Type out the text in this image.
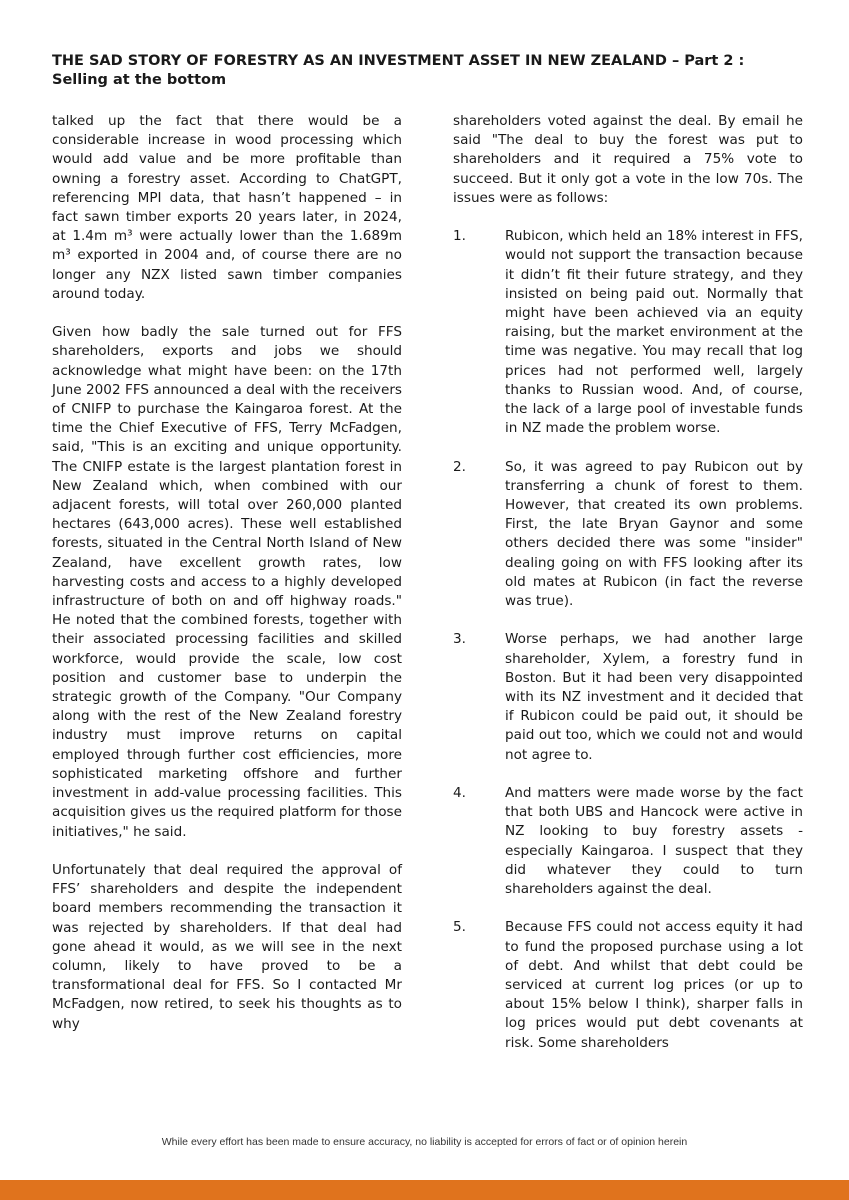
THE SAD STORY OF FORESTRY AS AN INVESTMENT ASSET IN NEW ZEALAND – Part 2 : Selling at the bottom

talked up the fact that there would be a considerable increase in wood processing which would add value and be more profitable than owning a forestry asset. According to ChatGPT, referencing MPI data, that hasn’t happened – in fact sawn timber exports 20 years later, in 2024, at 1.4m m³ were actually lower than the 1.689m m³ exported in 2004 and, of course there are no longer any NZX listed sawn timber companies around today.

Given how badly the sale turned out for FFS shareholders, exports and jobs we should acknowledge what might have been: on the 17th June 2002 FFS announced a deal with the receivers of CNIFP to purchase the Kaingaroa forest. At the time the Chief Executive of FFS, Terry McFadgen, said, "This is an exciting and unique opportunity. The CNIFP estate is the largest plantation forest in New Zealand which, when combined with our adjacent forests, will total over 260,000 planted hectares (643,000 acres). These well established forests, situated in the Central North Island of New Zealand, have excellent growth rates, low harvesting costs and access to a highly developed infrastructure of both on and off highway roads." He noted that the combined forests, together with their associated processing facilities and skilled workforce, would provide the scale, low cost position and customer base to underpin the strategic growth of the Company. "Our Company along with the rest of the New Zealand forestry industry must improve returns on capital employed through further cost efficiencies, more sophisticated marketing offshore and further investment in add-value processing facilities. This acquisition gives us the required platform for those initiatives," he said.

Unfortunately that deal required the approval of FFS’ shareholders and despite the independent board members recommending the transaction it was rejected by shareholders. If that deal had gone ahead it would, as we will see in the next column, likely to have proved to be a transformational deal for FFS. So I contacted Mr McFadgen, now retired, to seek his thoughts as to why

shareholders voted against the deal. By email he said "The deal to buy the forest was put to shareholders and it required a 75% vote to succeed. But it only got a vote in the low 70s. The issues were as follows:

1.	Rubicon, which held an 18% interest in FFS, would not support the transaction because it didn’t fit their future strategy, and they insisted on being paid out. Normally that might have been achieved via an equity raising, but the market environment at the time was negative. You may recall that log prices had not performed well, largely thanks to Russian wood. And, of course, the lack of a large pool of investable funds in NZ made the problem worse.
2.	So, it was agreed to pay Rubicon out by transferring a chunk of forest to them. However, that created its own problems. First, the late Bryan Gaynor and some others decided there was some "insider" dealing going on with FFS looking after its old mates at Rubicon (in fact the reverse was true).
3.	Worse perhaps, we had another large shareholder, Xylem, a forestry fund in Boston. But it had been very disappointed with its NZ investment and it decided that if Rubicon could be paid out, it should be paid out too, which we could not and would not agree to.
4.	And matters were made worse by the fact that both UBS and Hancock were active in NZ looking to buy forestry assets - especially Kaingaroa. I suspect that they did whatever they could to turn shareholders against the deal.
5.	Because FFS could not access equity it had to fund the proposed purchase using a lot of debt. And whilst that debt could be serviced at current log prices (or up to about 15% below I think), sharper falls in log prices would put debt covenants at risk. Some shareholders
While every effort has been made to ensure accuracy, no liability is accepted for errors of fact or of opinion herein
